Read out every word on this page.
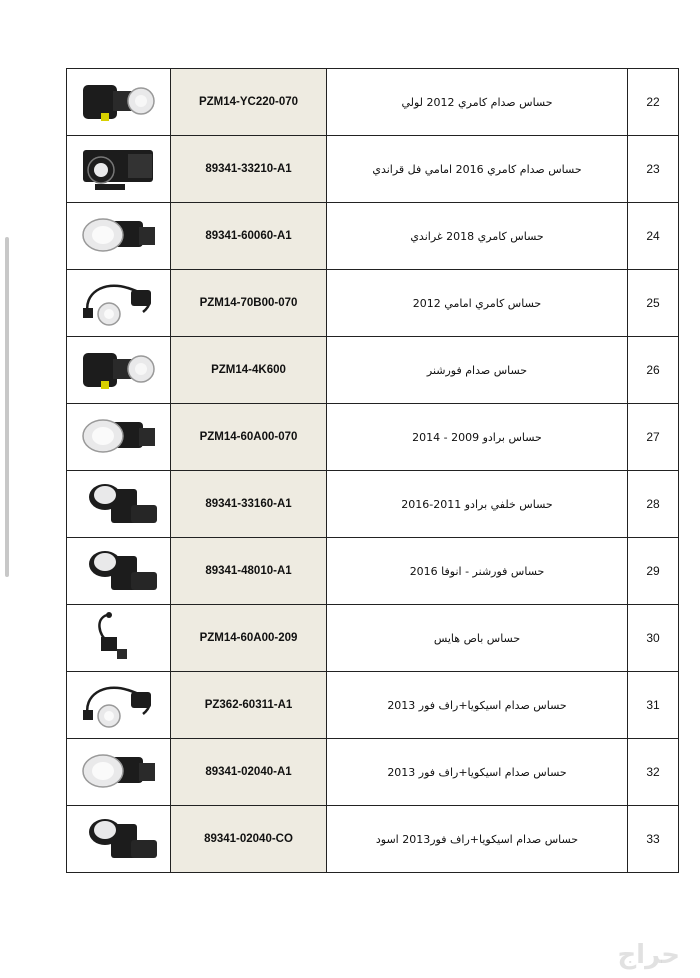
	PZM14-YC220-070	حساس صدام كامري 2012 لولي	22

	89341-33210-A1	حساس صدام كامري 2016 امامي فل قراندي	23

	89341-60060-A1	حساس كامري 2018 غراندي	24

	PZM14-70B00-070	حساس كامري امامي 2012	25

	PZM14-4K600	حساس صدام فورشنر	26

	PZM14-60A00-070	حساس برادو 2009 - 2014	27

	89341-33160-A1	حساس خلفي برادو 2011-2016	28

	89341-48010-A1	حساس فورشنر - انوفا 2016	29

	PZM14-60A00-209	حساس باص هايس	30

	PZ362-60311-A1	حساس صدام اسيكويا+راف فور 2013	31

	89341-02040-A1	حساس صدام اسيكويا+راف فور 2013	32

	89341-02040-CO	حساس صدام اسيكويا+راف فور2013 اسود	33
حراج
